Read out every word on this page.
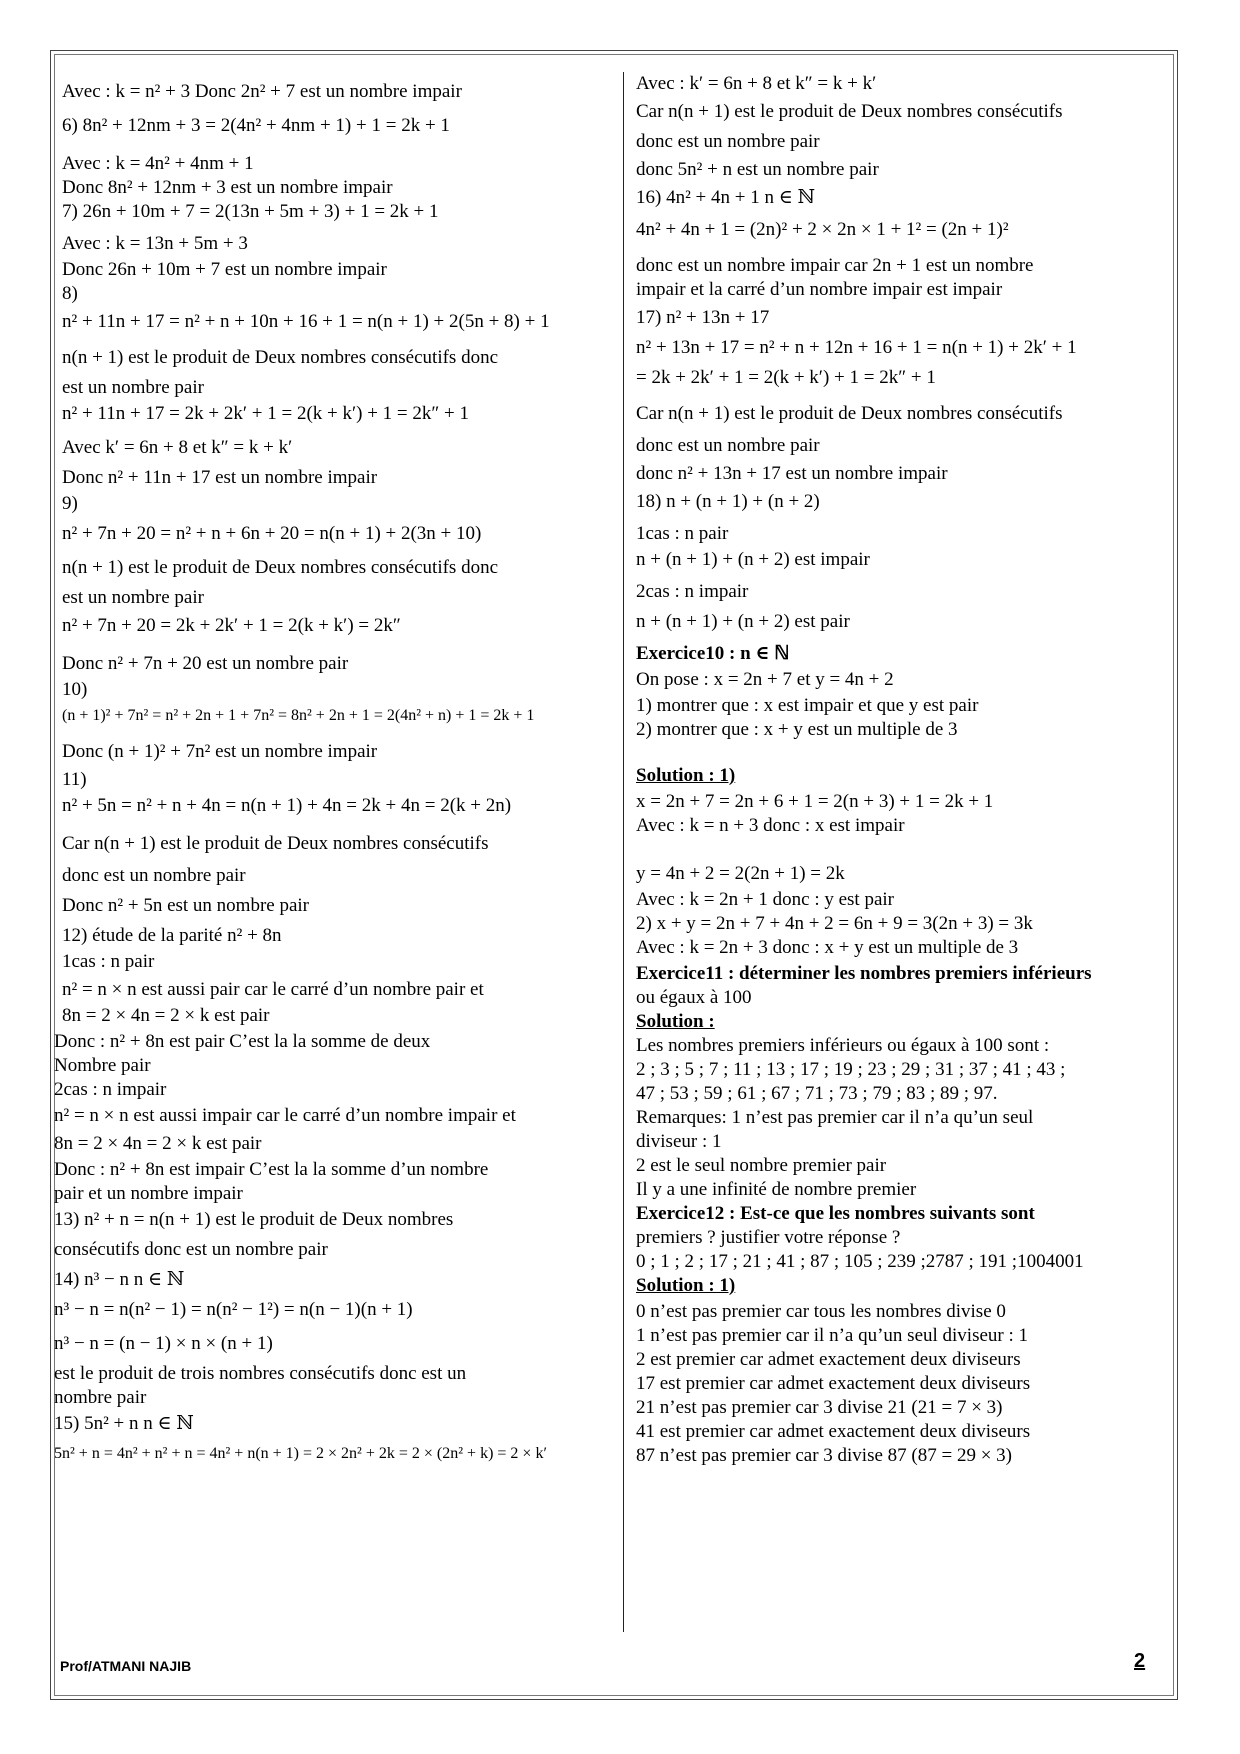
Avec : k = n² + 3 Donc 2n² + 7 est un nombre impair
6) 8n² + 12nm + 3 = 2(4n² + 4nm + 1) + 1 = 2k + 1
Avec : k = 4n² + 4nm + 1
Donc 8n² + 12nm + 3 est un nombre impair
7) 26n + 10m + 7 = 2(13n + 5m + 3) + 1 = 2k + 1
Avec : k = 13n + 5m + 3
Donc 26n + 10m + 7 est un nombre impair
8)
n² + 11n + 17 = n² + n + 10n + 16 + 1 = n(n + 1) + 2(5n + 8) + 1
n(n + 1) est le produit de Deux nombres consécutifs donc
est un nombre pair
n² + 11n + 17 = 2k + 2k′ + 1 = 2(k + k′) + 1 = 2k″ + 1
Avec k′ = 6n + 8 et k″ = k + k′
Donc n² + 11n + 17 est un nombre impair
9)
n² + 7n + 20 = n² + n + 6n + 20 = n(n + 1) + 2(3n + 10)
n(n + 1) est le produit de Deux nombres consécutifs donc
est un nombre pair
n² + 7n + 20 = 2k + 2k′ + 1 = 2(k + k′) = 2k″
Donc n² + 7n + 20 est un nombre pair
10)
(n + 1)² + 7n² = n² + 2n + 1 + 7n² = 8n² + 2n + 1 = 2(4n² + n) + 1 = 2k + 1
Donc (n + 1)² + 7n² est un nombre impair
11)
n² + 5n = n² + n + 4n = n(n + 1) + 4n = 2k + 4n = 2(k + 2n)
Car n(n + 1) est le produit de Deux nombres consécutifs
donc est un nombre pair
Donc n² + 5n est un nombre pair
12) étude de la parité n² + 8n
1cas : n pair
n² = n × n est aussi pair car le carré d’un nombre pair et
8n = 2 × 4n = 2 × k est pair
Donc : n² + 8n est pair C’est la la somme de deux
Nombre pair
2cas : n impair
n² = n × n est aussi impair car le carré d’un nombre impair et
8n = 2 × 4n = 2 × k est pair
Donc : n² + 8n est impair C’est la la somme d’un nombre
pair et un nombre impair
13) n² + n = n(n + 1) est le produit de Deux nombres
consécutifs donc est un nombre pair
14) n³ − n n ∈ ℕ
n³ − n = n(n² − 1) = n(n² − 1²) = n(n − 1)(n + 1)
n³ − n = (n − 1) × n × (n + 1)
est le produit de trois nombres consécutifs donc est un
nombre pair
15) 5n² + n n ∈ ℕ
5n² + n = 4n² + n² + n = 4n² + n(n + 1) = 2 × 2n² + 2k = 2 × (2n² + k) = 2 × k′
Avec : k′ = 6n + 8 et k″ = k + k′
Car n(n + 1) est le produit de Deux nombres consécutifs
donc est un nombre pair
donc 5n² + n est un nombre pair
16) 4n² + 4n + 1 n ∈ ℕ
4n² + 4n + 1 = (2n)² + 2 × 2n × 1 + 1² = (2n + 1)²
donc est un nombre impair car 2n + 1 est un nombre
impair et la carré d’un nombre impair est impair
17) n² + 13n + 17
n² + 13n + 17 = n² + n + 12n + 16 + 1 = n(n + 1) + 2k′ + 1
= 2k + 2k′ + 1 = 2(k + k′) + 1 = 2k″ + 1
Car n(n + 1) est le produit de Deux nombres consécutifs
donc est un nombre pair
donc n² + 13n + 17 est un nombre impair
18) n + (n + 1) + (n + 2)
1cas : n pair
n + (n + 1) + (n + 2) est impair
2cas : n impair
n + (n + 1) + (n + 2) est pair
Exercice10 : n ∈ ℕ
On pose : x = 2n + 7 et y = 4n + 2
1) montrer que : x est impair et que y est pair
2) montrer que : x + y est un multiple de 3
Solution : 1)
x = 2n + 7 = 2n + 6 + 1 = 2(n + 3) + 1 = 2k + 1
Avec : k = n + 3 donc : x est impair
y = 4n + 2 = 2(2n + 1) = 2k
Avec : k = 2n + 1 donc : y est pair
2) x + y = 2n + 7 + 4n + 2 = 6n + 9 = 3(2n + 3) = 3k
Avec : k = 2n + 3 donc : x + y est un multiple de 3
Exercice11 : déterminer les nombres premiers inférieurs
ou égaux à 100
Solution :
Les nombres premiers inférieurs ou égaux à 100 sont :
2 ; 3 ; 5 ; 7 ; 11 ; 13 ; 17 ; 19 ; 23 ; 29 ; 31 ; 37 ; 41 ; 43 ;
47 ; 53 ; 59 ; 61 ; 67 ; 71 ; 73 ; 79 ; 83 ; 89 ; 97.
Remarques: 1 n’est pas premier car il n’a qu’un seul
diviseur : 1
2 est le seul nombre premier pair
Il y a une infinité de nombre premier
Exercice12 : Est-ce que les nombres suivants sont
premiers ? justifier votre réponse ?
0 ; 1 ; 2 ; 17 ; 21 ; 41 ; 87 ; 105 ; 239 ;2787 ; 191 ;1004001
Solution : 1)
0 n’est pas premier car tous les nombres divise 0
1 n’est pas premier car il n’a qu’un seul diviseur : 1
2 est premier car admet exactement deux diviseurs
17 est premier car admet exactement deux diviseurs
21 n’est pas premier car 3 divise 21 (21 = 7 × 3)
41 est premier car admet exactement deux diviseurs
87 n’est pas premier car 3 divise 87 (87 = 29 × 3)
Prof/ATMANI NAJIB	2
